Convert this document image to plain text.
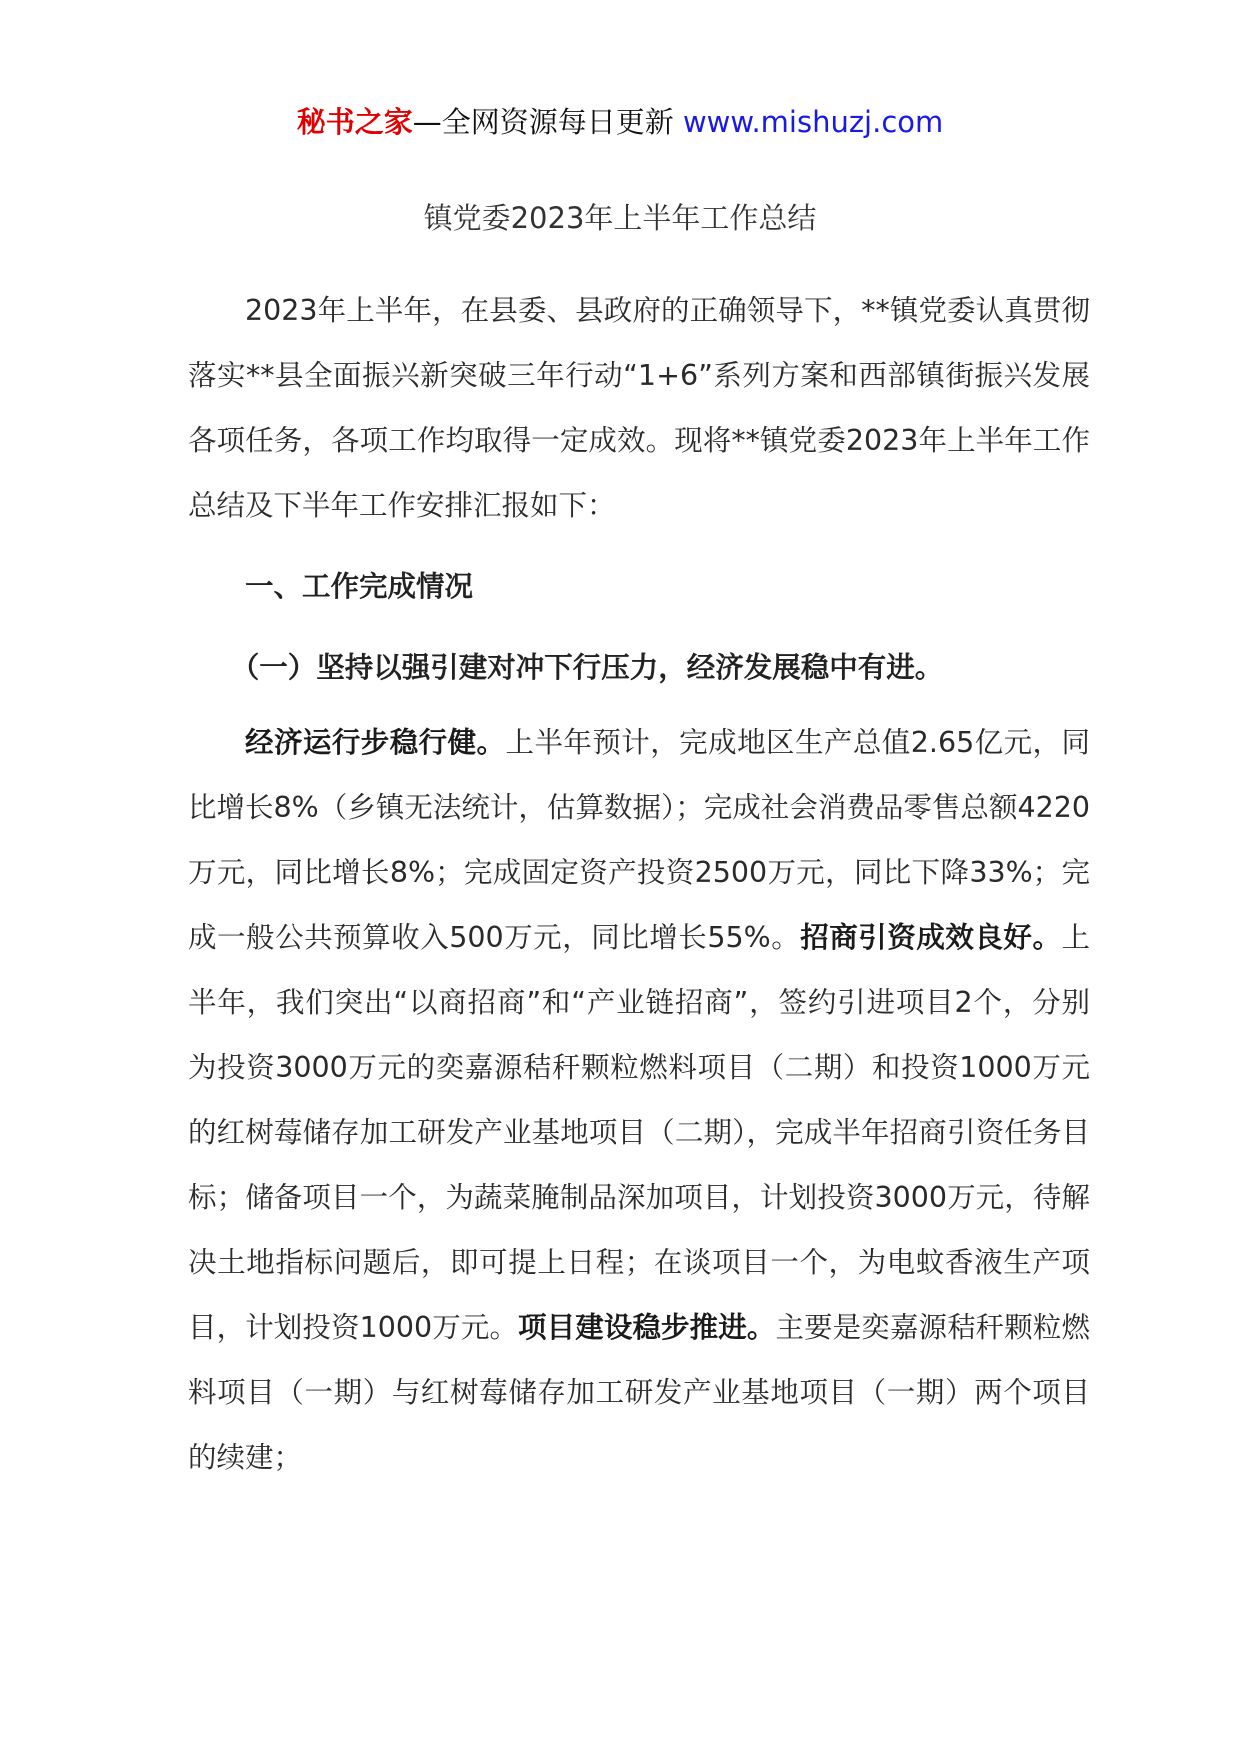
秘书之家—全网资源每日更新 www.mishuzj.com
镇党委2023年上半年工作总结

2023年上半年，在县委、县政府的正确领导下，**镇党委认真贯彻落实**县全面振兴新突破三年行动“1+6”系列方案和西部镇街振兴发展各项任务，各项工作均取得一定成效。现将**镇党委2023年上半年工作总结及下半年工作安排汇报如下：

一、工作完成情况

（一）坚持以强引建对冲下行压力，经济发展稳中有进。

经济运行步稳行健。上半年预计，完成地区生产总值2.65亿元，同比增长8%（乡镇无法统计，估算数据）；完成社会消费品零售总额4220万元，同比增长8%；完成固定资产投资2500万元，同比下降33%；完成一般公共预算收入500万元，同比增长55%。招商引资成效良好。上半年，我们突出“以商招商”和“产业链招商”，签约引进项目2个，分别为投资3000万元的奕嘉源秸秆颗粒燃料项目（二期）和投资1000万元的红树莓储存加工研发产业基地项目（二期），完成半年招商引资任务目标；储备项目一个，为蔬菜腌制品深加项目，计划投资3000万元，待解决土地指标问题后，即可提上日程；在谈项目一个，为电蚊香液生产项目，计划投资1000万元。项目建设稳步推进。主要是奕嘉源秸秆颗粒燃料项目（一期）与红树莓储存加工研发产业基地项目（一期）两个项目的续建；
